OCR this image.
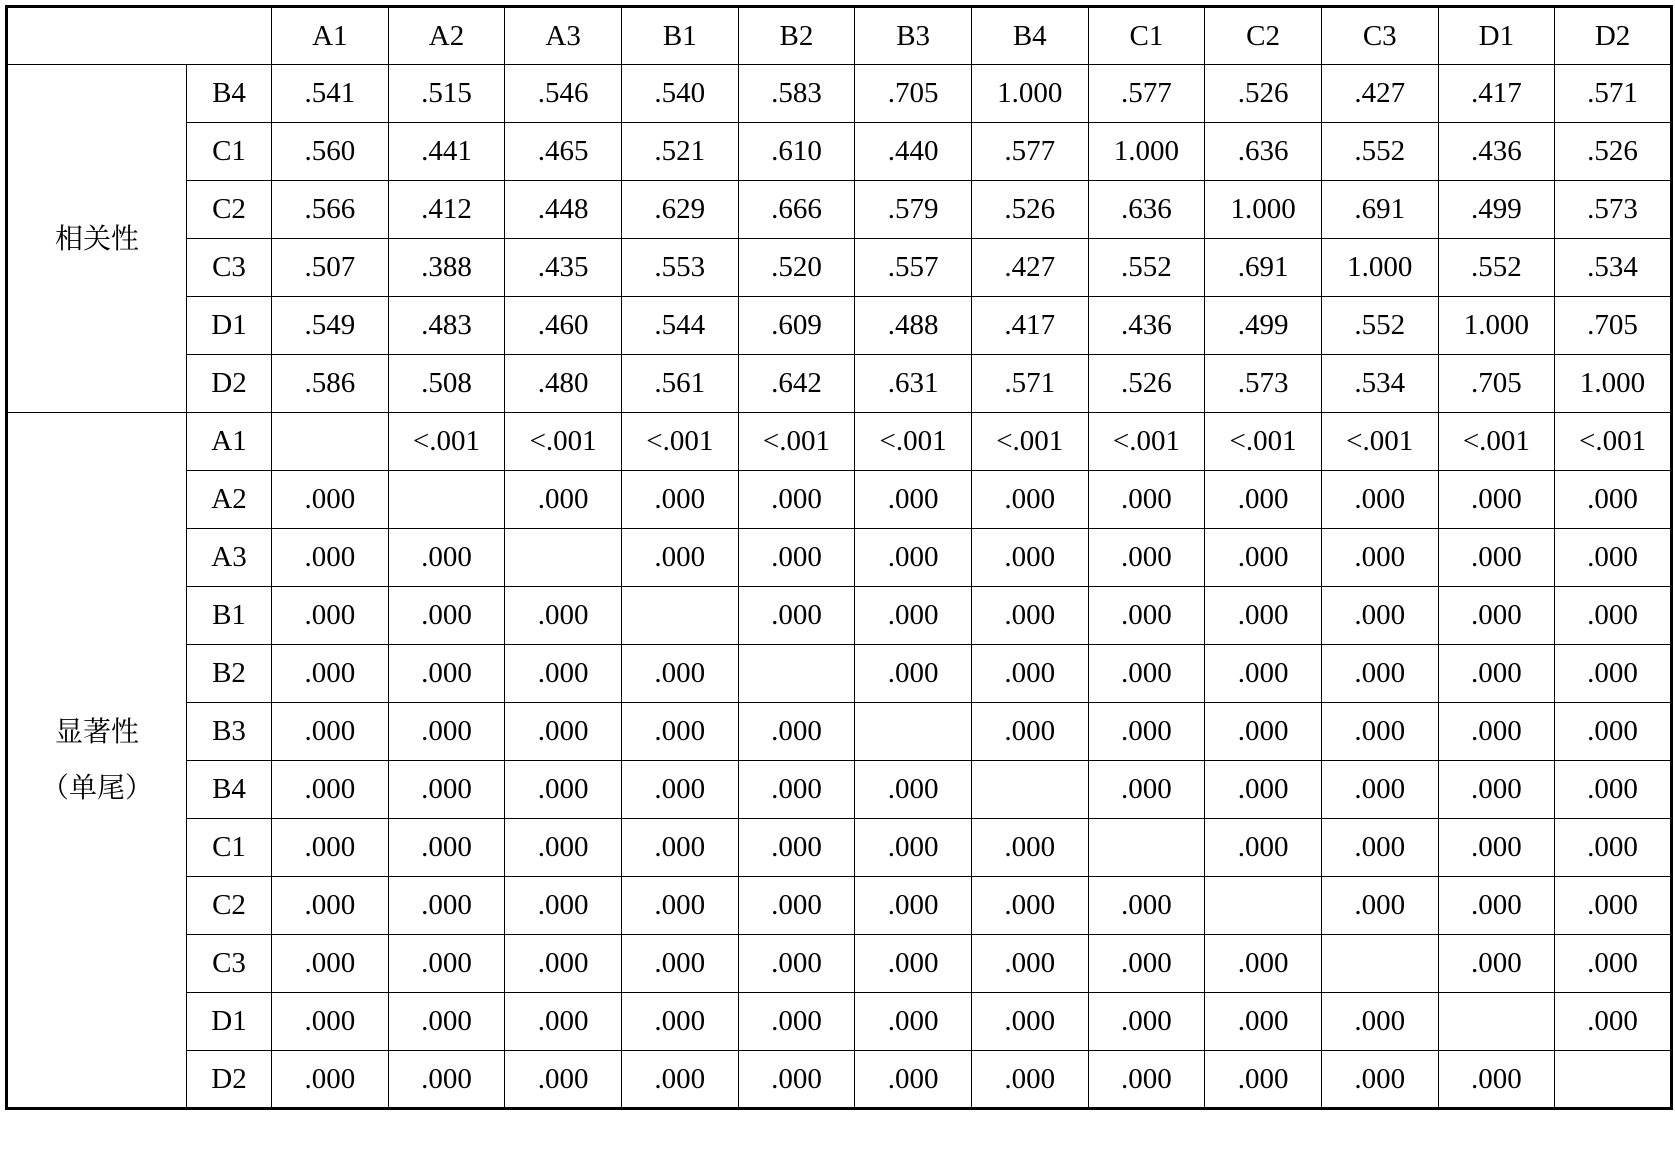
		A1	A2	A3	B1	B2	B3	B4	C1	C2	C3	D1	D2

相关性	B4	.541	.515	.546	.540	.583	.705	1.000	.577	.526	.427	.417	.571
	C1	.560	.441	.465	.521	.610	.440	.577	1.000	.636	.552	.436	.526
	C2	.566	.412	.448	.629	.666	.579	.526	.636	1.000	.691	.499	.573
	C3	.507	.388	.435	.553	.520	.557	.427	.552	.691	1.000	.552	.534
	D1	.549	.483	.460	.544	.609	.488	.417	.436	.499	.552	1.000	.705
	D2	.586	.508	.480	.561	.642	.631	.571	.526	.573	.534	.705	1.000

显著性
（单尾）	A1		<.001	<.001	<.001	<.001	<.001	<.001	<.001	<.001	<.001	<.001	<.001
	A2	.000		.000	.000	.000	.000	.000	.000	.000	.000	.000	.000
	A3	.000	.000		.000	.000	.000	.000	.000	.000	.000	.000	.000
	B1	.000	.000	.000		.000	.000	.000	.000	.000	.000	.000	.000
	B2	.000	.000	.000	.000		.000	.000	.000	.000	.000	.000	.000
	B3	.000	.000	.000	.000	.000		.000	.000	.000	.000	.000	.000
	B4	.000	.000	.000	.000	.000	.000		.000	.000	.000	.000	.000
	C1	.000	.000	.000	.000	.000	.000	.000		.000	.000	.000	.000
	C2	.000	.000	.000	.000	.000	.000	.000	.000		.000	.000	.000
	C3	.000	.000	.000	.000	.000	.000	.000	.000	.000		.000	.000
	D1	.000	.000	.000	.000	.000	.000	.000	.000	.000	.000		.000
	D2	.000	.000	.000	.000	.000	.000	.000	.000	.000	.000	.000	
